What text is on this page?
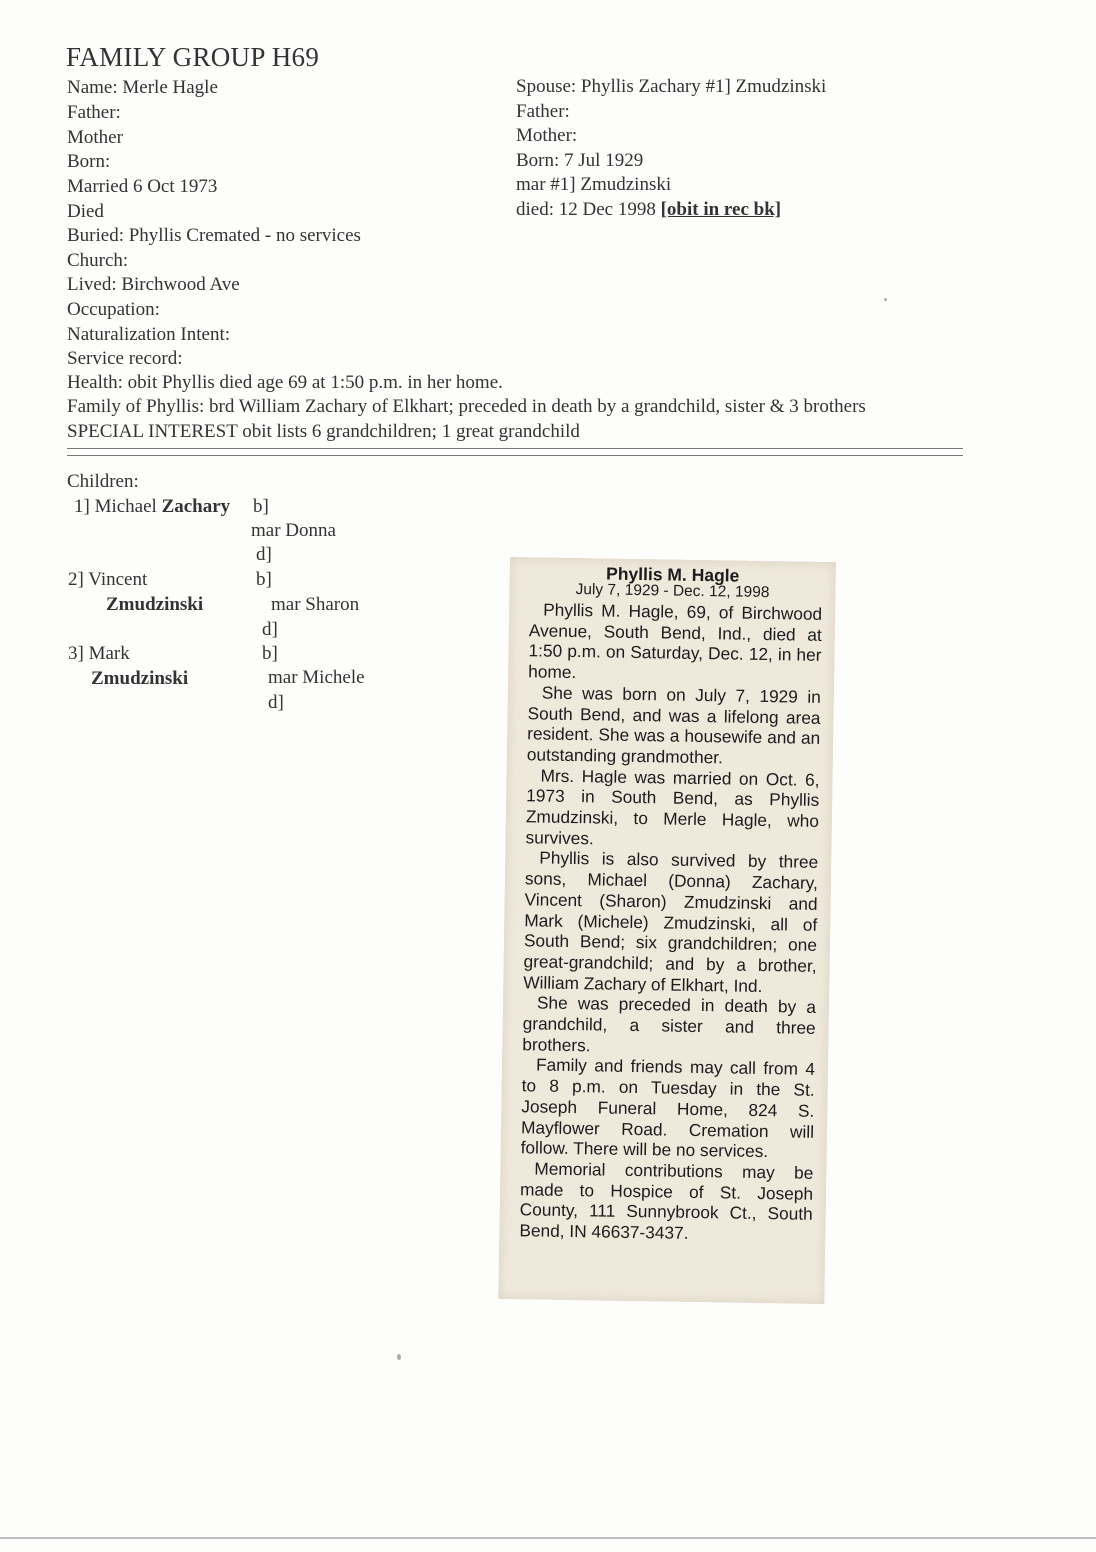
FAMILY GROUP H69
Name: Merle Hagle
Father:
Mother
Born:
Married 6 Oct 1973
Died
Buried: Phyllis Cremated - no services
Church:
Lived: Birchwood Ave
Occupation:
Naturalization Intent:
Service record:
Health: obit Phyllis died age 69 at 1:50 p.m. in her home.
Family of Phyllis: brd William Zachary of Elkhart; preceded in death by a grandchild, sister & 3 brothers
SPECIAL INTEREST obit lists 6 grandchildren; 1 great grandchild
Spouse: Phyllis Zachary #1] Zmudzinski
Father:
Mother:
Born: 7 Jul 1929
mar #1] Zmudzinski
died: 12 Dec 1998 [obit in rec bk]
Children:
1] Michael Zachary b]
mar Donna
d]
2] Vincent
Zmudzinski
b]
mar Sharon
d]
3] Mark
Zmudzinski
b]
mar Michele
d]
Phyllis M. Hagle
July 7, 1929 - Dec. 12, 1998

Phyllis M. Hagle, 69, of Birchwood Avenue, South Bend, Ind., died at 1:50 p.m. on Saturday, Dec. 12, in her home.

She was born on July 7, 1929 in South Bend, and was a lifelong area resident. She was a housewife and an outstanding grandmother.

Mrs. Hagle was married on Oct. 6, 1973 in South Bend, as Phyllis Zmudzinski, to Merle Hagle, who survives.

Phyllis is also survived by three sons, Michael (Donna) Zachary, Vincent (Sharon) Zmudzinski and Mark (Michele) Zmudzinski, all of South Bend; six grandchildren; one great-grandchild; and by a brother, William Zachary of Elkhart, Ind.

She was preceded in death by a grandchild, a sister and three brothers.

Family and friends may call from 4 to 8 p.m. on Tuesday in the St. Joseph Funeral Home, 824 S. Mayflower Road. Cremation will follow. There will be no services.

Memorial contributions may be made to Hospice of St. Joseph County, 111 Sunnybrook Ct., South Bend, IN 46637-3437.
